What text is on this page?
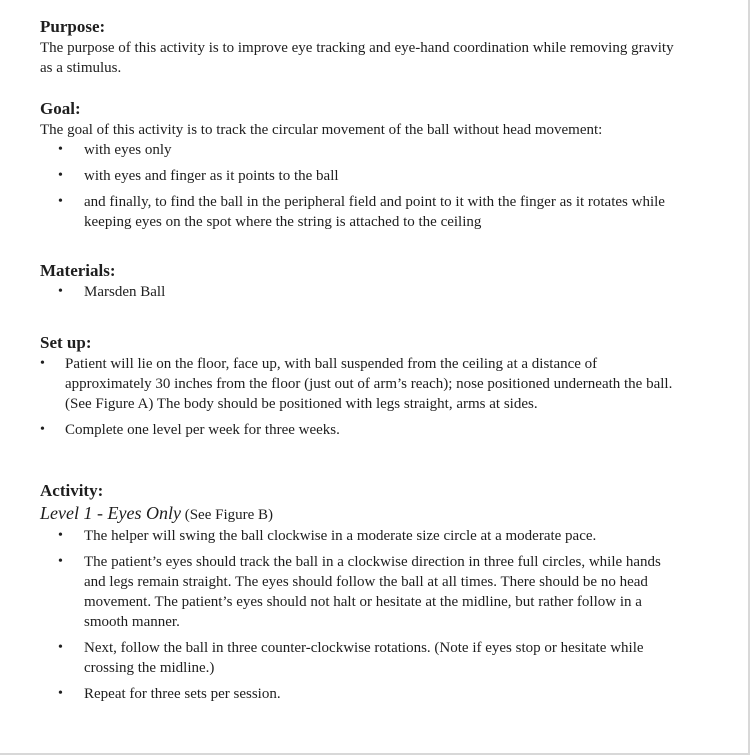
Purpose:

The purpose of this activity is to improve eye tracking and eye-hand coordination while removing gravity as a stimulus.

Goal:

The goal of this activity is to track the circular movement of the ball without head movement:

• with eyes only
• with eyes and finger as it points to the ball
• and finally, to find the ball in the peripheral field and point to it with the finger as it rotates while keeping eyes on the spot where the string is attached to the ceiling
Materials:
• Marsden Ball
Set up:
• Patient will lie on the floor, face up, with ball suspended from the ceiling at a distance of approximately 30 inches from the floor (just out of arm’s reach); nose positioned underneath the ball. (See Figure A) The body should be positioned with legs straight, arms at sides.
• Complete one level per week for three weeks.
Activity:
Level 1 - Eyes Only (See Figure B)
• The helper will swing the ball clockwise in a moderate size circle at a moderate pace.
• The patient’s eyes should track the ball in a clockwise direction in three full circles, while hands and legs remain straight. The eyes should follow the ball at all times. There should be no head movement. The patient’s eyes should not halt or hesitate at the midline, but rather follow in a smooth manner.
• Next, follow the ball in three counter-clockwise rotations. (Note if eyes stop or hesitate while crossing the midline.)
• Repeat for three sets per session.
